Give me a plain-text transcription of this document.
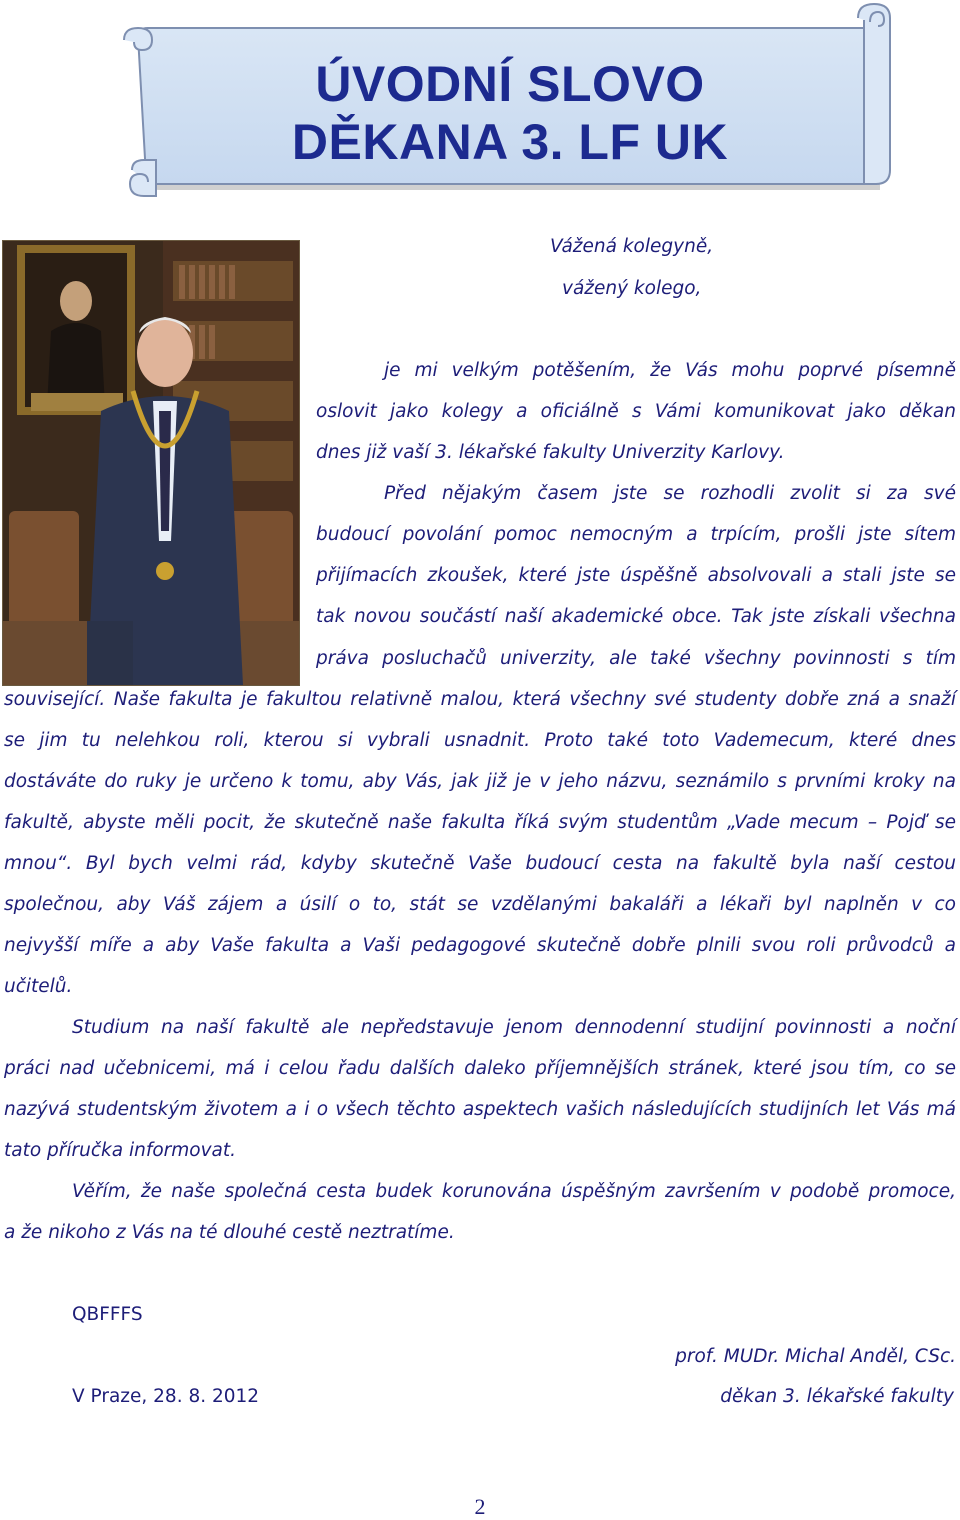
ÚVODNÍ SLOVO
DĚKANA 3. LF UK
Vážená kolegyně,
vážený kolego,
je mi velkým potěšením, že Vás mohu poprvé písemně
oslovit jako kolegy a oficiálně s Vámi komunikovat jako děkan
dnes již vaší 3. lékařské fakulty Univerzity Karlovy.
Před nějakým časem jste se rozhodli zvolit si za své
budoucí povolání pomoc nemocným a trpícím, prošli jste sítem
přijímacích zkoušek, které jste úspěšně absolvovali a stali jste se
tak novou součástí naší akademické obce. Tak jste získali všechna
práva posluchačů univerzity, ale také všechny povinnosti s tím
související. Naše fakulta je fakultou relativně malou, která všechny své studenty dobře zná a snaží
se jim tu nelehkou roli, kterou si vybrali usnadnit. Proto také toto Vademecum, které dnes
dostáváte do ruky je určeno k tomu, aby Vás, jak již je v jeho názvu, seznámilo s prvními kroky na
fakultě, abyste měli pocit, že skutečně naše fakulta říká svým studentům „Vade mecum – Pojď se
mnou“. Byl bych velmi rád, kdyby skutečně Vaše budoucí cesta na fakultě byla naší cestou
společnou, aby Váš zájem a úsilí o to, stát se vzdělanými bakaláři a lékaři byl naplněn v co
nejvyšší míře a aby Vaše fakulta a Vaši pedagogové skutečně dobře plnili svou roli průvodců a
učitelů.
Studium na naší fakultě ale nepředstavuje jenom dennodenní studijní povinnosti a noční
práci nad učebnicemi, má i celou řadu dalších daleko příjemnějších stránek, které jsou tím, co se
nazývá studentským životem a i o všech těchto aspektech vašich následujících studijních let Vás má
tato příručka informovat.
Věřím, že naše společná cesta budek korunována úspěšným završením v podobě promoce,
a že nikoho z Vás na té dlouhé cestě neztratíme.
QBFFFS
prof. MUDr. Michal Anděl, CSc.
V Praze, 28. 8. 2012	děkan 3. lékařské fakulty
2
